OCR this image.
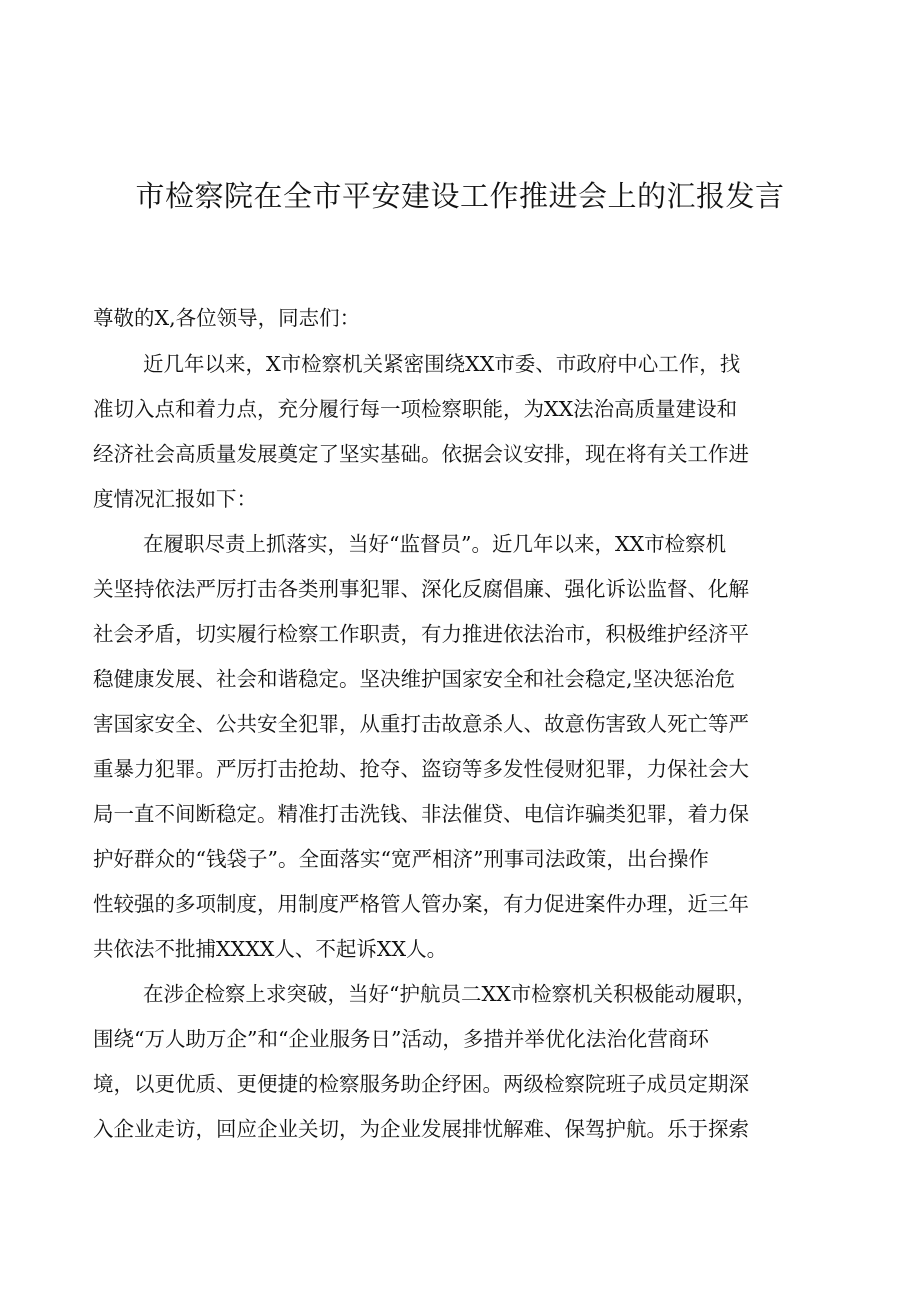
市检察院在全市平安建设工作推进会上的汇报发言
尊敬的X,各位领导，同志们：
近几年以来，X市检察机关紧密围绕XX市委、市政府中心工作，找
准切入点和着力点，充分履行每一项检察职能，为XX法治高质量建设和
经济社会高质量发展奠定了坚实基础。依据会议安排，现在将有关工作进
度情况汇报如下：
在履职尽责上抓落实，当好“监督员”。近几年以来，XX市检察机
关坚持依法严厉打击各类刑事犯罪、深化反腐倡廉、强化诉讼监督、化解
社会矛盾，切实履行检察工作职责，有力推进依法治市，积极维护经济平
稳健康发展、社会和谐稳定。坚决维护国家安全和社会稳定,坚决惩治危
害国家安全、公共安全犯罪，从重打击故意杀人、故意伤害致人死亡等严
重暴力犯罪。严厉打击抢劫、抢夺、盗窃等多发性侵财犯罪，力保社会大
局一直不间断稳定。精准打击洗钱、非法催贷、电信诈骗类犯罪，着力保
护好群众的“钱袋子”。全面落实“宽严相济”刑事司法政策，出台操作
性较强的多项制度，用制度严格管人管办案，有力促进案件办理，近三年
共依法不批捕XXXX人、不起诉XX人。
在涉企检察上求突破，当好“护航员二XX市检察机关积极能动履职，
围绕“万人助万企”和“企业服务日”活动，多措并举优化法治化营商环
境，以更优质、更便捷的检察服务助企纾困。两级检察院班子成员定期深
入企业走访，回应企业关切，为企业发展排忧解难、保驾护航。乐于探索
